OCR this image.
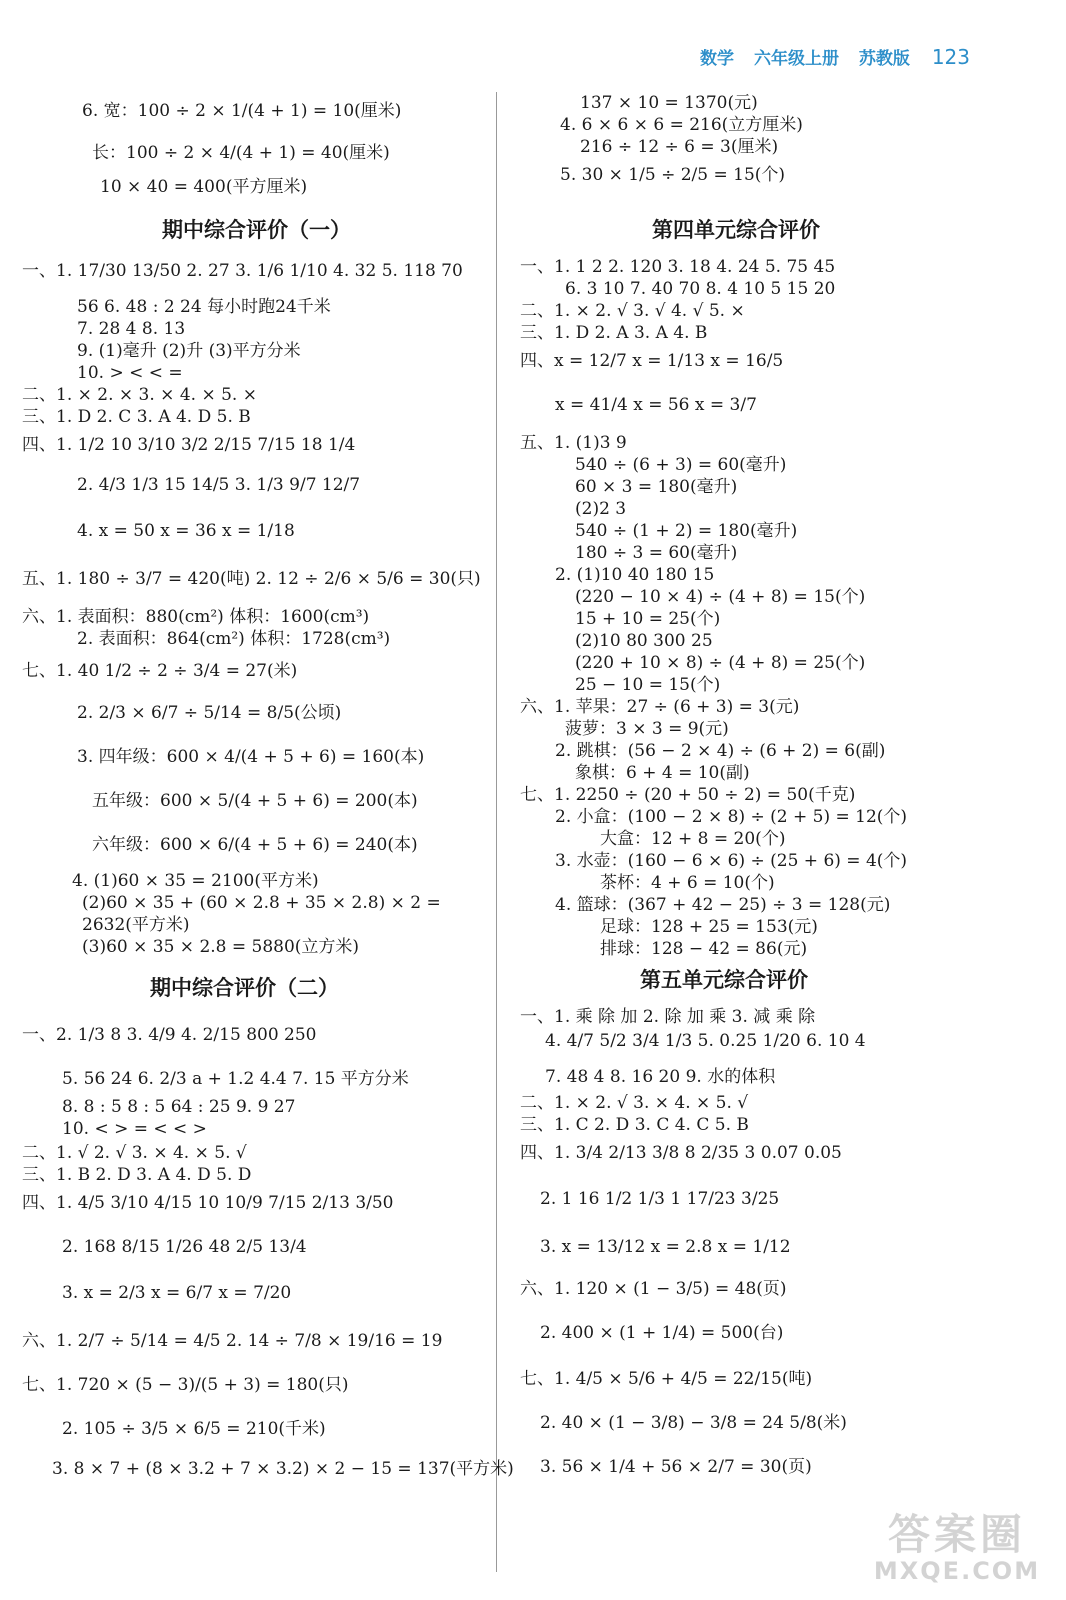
数学 六年级上册 苏教版 123
6. 宽：100 ÷ 2 × 1/(4 + 1) = 10(厘米)
长：100 ÷ 2 × 4/(4 + 1) = 40(厘米)
10 × 40 = 400(平方厘米)
期中综合评价（一）
一、1. 17/30 13/50 2. 27 3. 1/6 1/10 4. 32 5. 118 70
56 6. 48 : 2 24 每小时跑24千米
7. 28 4 8. 13
9. (1)毫升 (2)升 (3)平方分米
10. > < < =
二、1. × 2. × 3. × 4. × 5. ×
三、1. D 2. C 3. A 4. D 5. B
四、1. 1/2 10 3/10 3/2 2/15 7/15 18 1/4
2. 4/3 1/3 15 14/5 3. 1/3 9/7 12/7
4. x = 50 x = 36 x = 1/18
五、1. 180 ÷ 3/7 = 420(吨) 2. 12 ÷ 2/6 × 5/6 = 30(只)
六、1. 表面积：880(cm²) 体积：1600(cm³)
2. 表面积：864(cm²) 体积：1728(cm³)
七、1. 40 1/2 ÷ 2 ÷ 3/4 = 27(米)
2. 2/3 × 6/7 ÷ 5/14 = 8/5(公顷)
3. 四年级：600 × 4/(4 + 5 + 6) = 160(本)
五年级：600 × 5/(4 + 5 + 6) = 200(本)
六年级：600 × 6/(4 + 5 + 6) = 240(本)
4. (1)60 × 35 = 2100(平方米)
(2)60 × 35 + (60 × 2.8 + 35 × 2.8) × 2 =
2632(平方米)
(3)60 × 35 × 2.8 = 5880(立方米)
期中综合评价（二）
一、2. 1/3 8 3. 4/9 4. 2/15 800 250
5. 56 24 6. 2/3 a + 1.2 4.4 7. 15 平方分米
8. 8 : 5 8 : 5 64 : 25 9. 9 27
10. < > = < < >
二、1. √ 2. √ 3. × 4. × 5. √
三、1. B 2. D 3. A 4. D 5. D
四、1. 4/5 3/10 4/15 10 10/9 7/15 2/13 3/50
2. 168 8/15 1/26 48 2/5 13/4
3. x = 2/3 x = 6/7 x = 7/20
六、1. 2/7 ÷ 5/14 = 4/5 2. 14 ÷ 7/8 × 19/16 = 19
七、1. 720 × (5 − 3)/(5 + 3) = 180(只)
2. 105 ÷ 3/5 × 6/5 = 210(千米)
3. 8 × 7 + (8 × 3.2 + 7 × 3.2) × 2 − 15 = 137(平方米)
137 × 10 = 1370(元)
4. 6 × 6 × 6 = 216(立方厘米)
216 ÷ 12 ÷ 6 = 3(厘米)
5. 30 × 1/5 ÷ 2/5 = 15(个)
第四单元综合评价
一、1. 1 2 2. 120 3. 18 4. 24 5. 75 45
6. 3 10 7. 40 70 8. 4 10 5 15 20
二、1. × 2. √ 3. √ 4. √ 5. ×
三、1. D 2. A 3. A 4. B
四、x = 12/7 x = 1/13 x = 16/5
x = 41/4 x = 56 x = 3/7
五、1. (1)3 9
540 ÷ (6 + 3) = 60(毫升)
60 × 3 = 180(毫升)
(2)2 3
540 ÷ (1 + 2) = 180(毫升)
180 ÷ 3 = 60(毫升)
2. (1)10 40 180 15
(220 − 10 × 4) ÷ (4 + 8) = 15(个)
15 + 10 = 25(个)
(2)10 80 300 25
(220 + 10 × 8) ÷ (4 + 8) = 25(个)
25 − 10 = 15(个)
六、1. 苹果：27 ÷ (6 + 3) = 3(元)
菠萝：3 × 3 = 9(元)
2. 跳棋：(56 − 2 × 4) ÷ (6 + 2) = 6(副)
象棋：6 + 4 = 10(副)
七、1. 2250 ÷ (20 + 50 ÷ 2) = 50(千克)
2. 小盒：(100 − 2 × 8) ÷ (2 + 5) = 12(个)
大盒：12 + 8 = 20(个)
3. 水壶：(160 − 6 × 6) ÷ (25 + 6) = 4(个)
茶杯：4 + 6 = 10(个)
4. 篮球：(367 + 42 − 25) ÷ 3 = 128(元)
足球：128 + 25 = 153(元)
排球：128 − 42 = 86(元)
第五单元综合评价
一、1. 乘 除 加 2. 除 加 乘 3. 减 乘 除
4. 4/7 5/2 3/4 1/3 5. 0.25 1/20 6. 10 4
7. 48 4 8. 16 20 9. 水的体积
二、1. × 2. √ 3. × 4. × 5. √
三、1. C 2. D 3. C 4. C 5. B
四、1. 3/4 2/13 3/8 8 2/35 3 0.07 0.05
2. 1 16 1/2 1/3 1 17/23 3/25
3. x = 13/12 x = 2.8 x = 1/12
六、1. 120 × (1 − 3/5) = 48(页)
2. 400 × (1 + 1/4) = 500(台)
七、1. 4/5 × 5/6 + 4/5 = 22/15(吨)
2. 40 × (1 − 3/8) − 3/8 = 24 5/8(米)
3. 56 × 1/4 + 56 × 2/7 = 30(页)
答案圈
MXQE.COM
